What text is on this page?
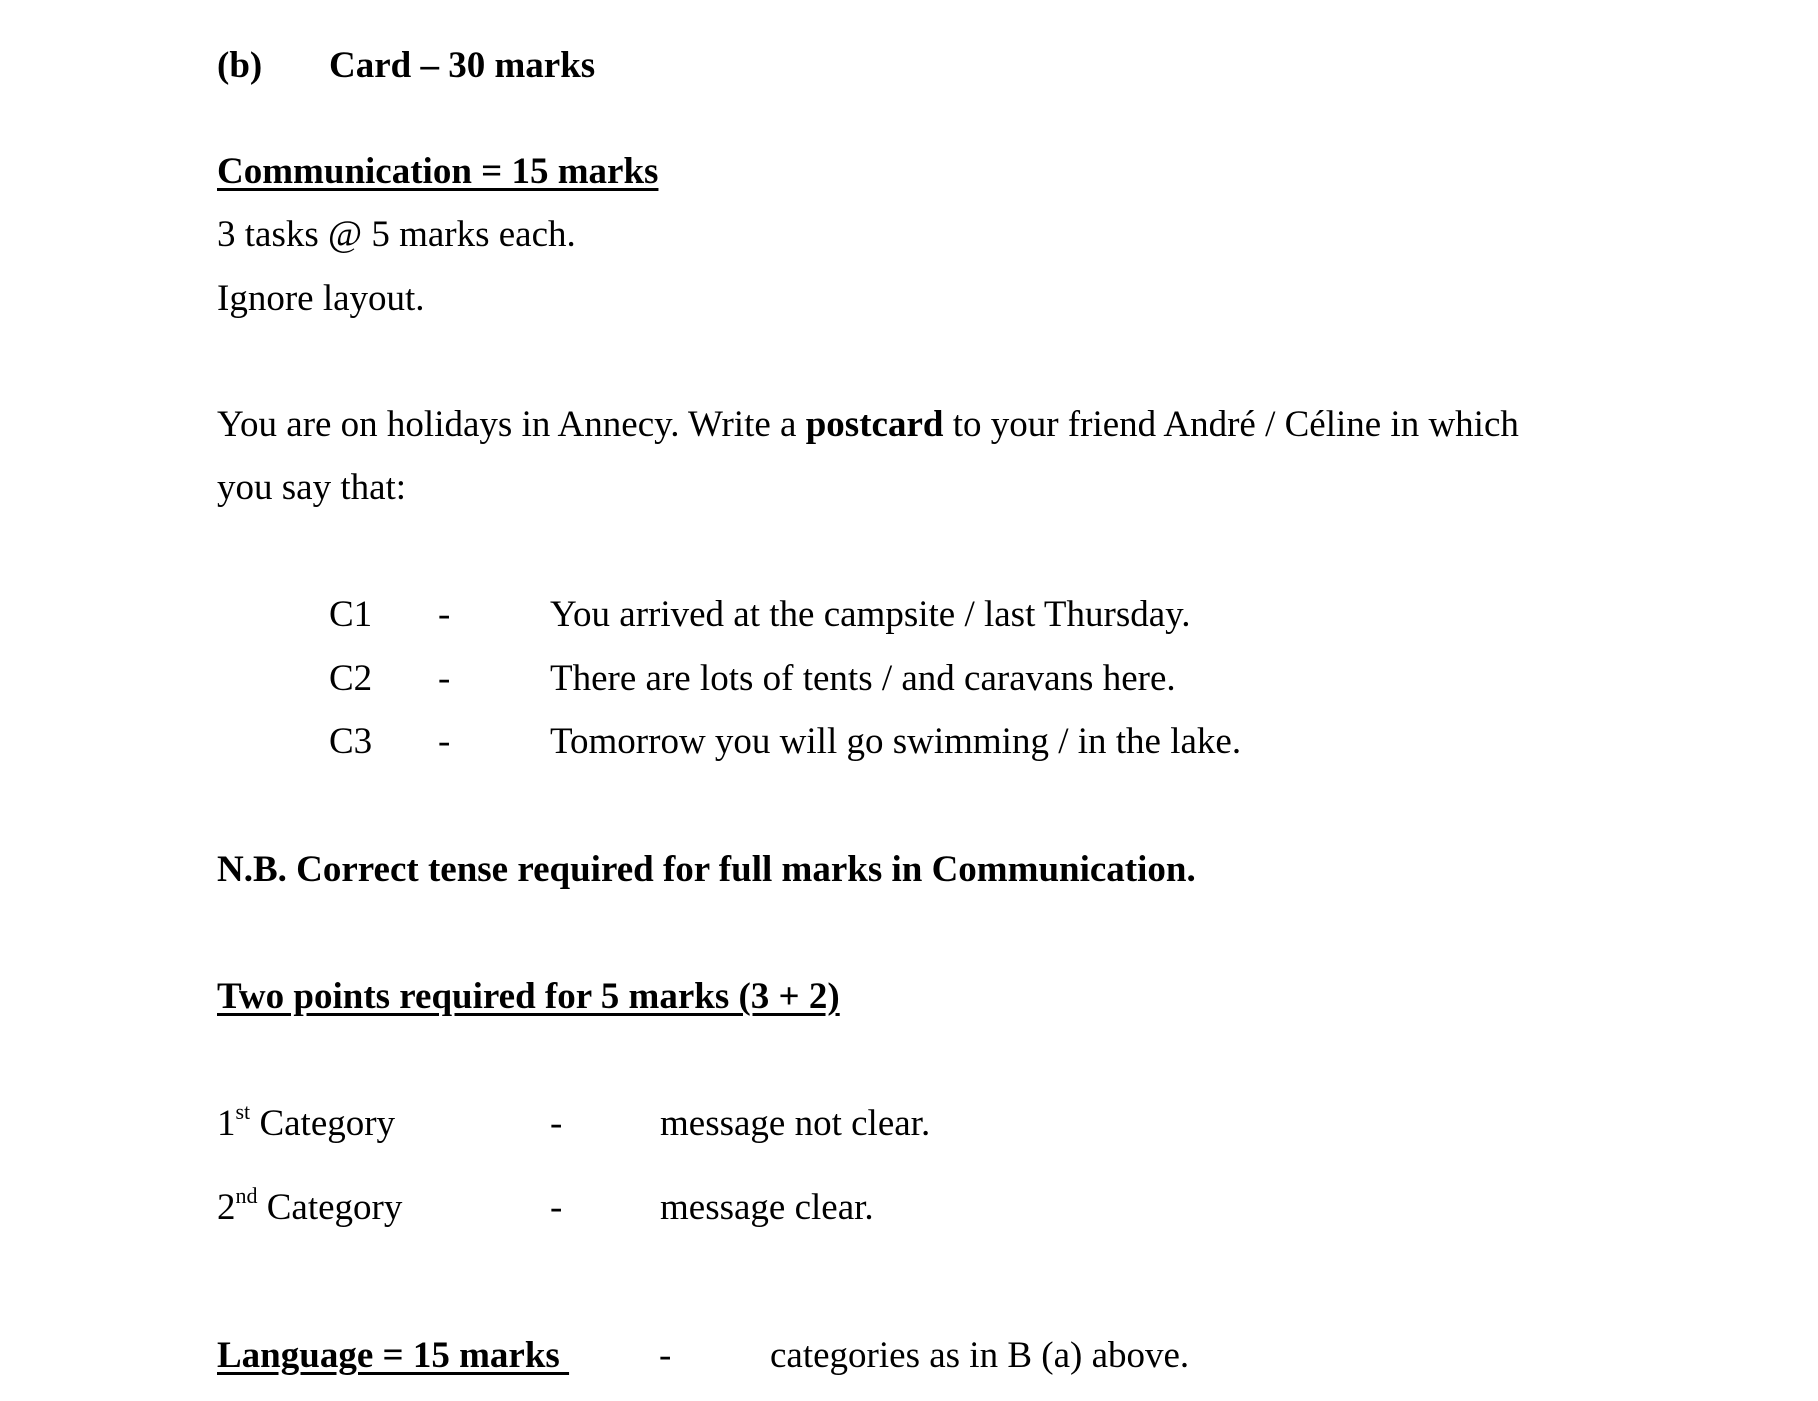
(b) Card – 30 marks
Communication = 15 marks
3 tasks @ 5 marks each.
Ignore layout.
You are on holidays in Annecy. Write a postcard to your friend André / Céline in which
you say that:
C1 -	You arrived at the campsite / last Thursday.
C2 -	There are lots of tents / and caravans here.
C3 -	Tomorrow you will go swimming / in the lake.
N.B. Correct tense required for full marks in Communication.
Two points required for 5 marks (3 + 2)
1st Category	-	message not clear.
2nd Category	-	message clear.
Language = 15 marks -	categories as in B (a) above.
